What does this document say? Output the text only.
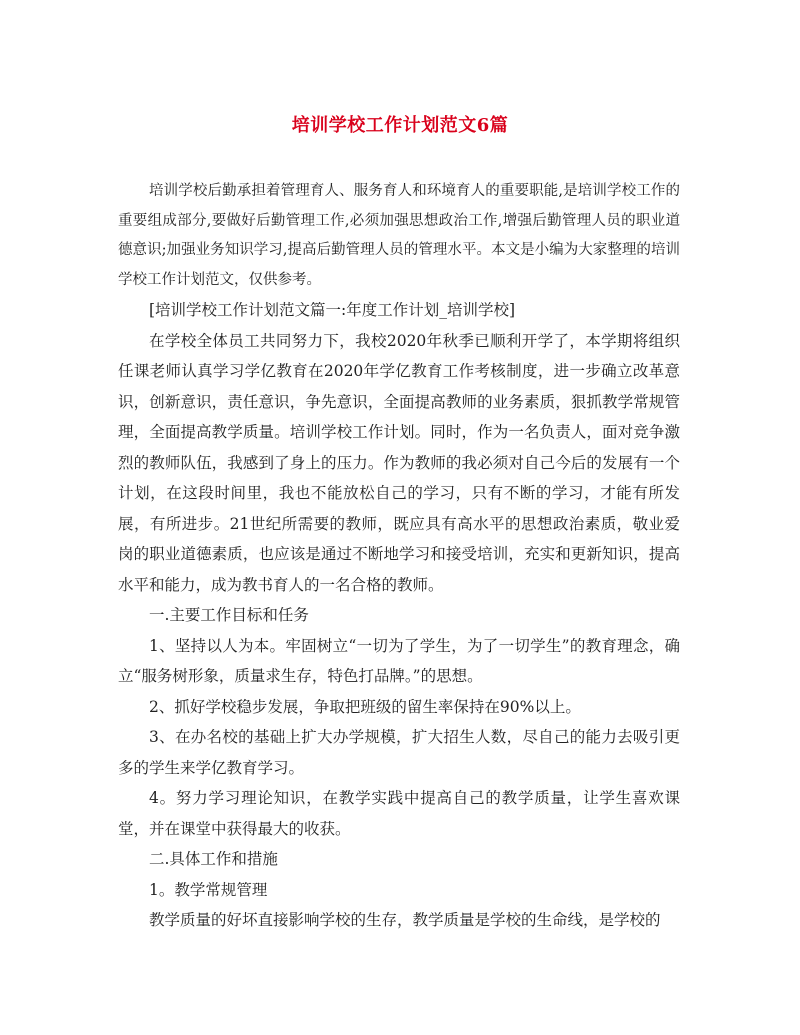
培训学校工作计划范文6篇

培训学校后勤承担着管理育人、服务育人和环境育人的重要职能,是培训学校工作的重要组成部分,要做好后勤管理工作,必须加强思想政治工作,增强后勤管理人员的职业道德意识;加强业务知识学习,提高后勤管理人员的管理水平。本文是小编为大家整理的培训学校工作计划范文，仅供参考。

[培训学校工作计划范文篇一:年度工作计划_培训学校]

在学校全体员工共同努力下，我校2020年秋季已顺利开学了，本学期将组织任课老师认真学习学亿教育在2020年学亿教育工作考核制度，进一步确立改革意识，创新意识，责任意识，争先意识，全面提高教师的业务素质，狠抓教学常规管理，全面提高教学质量。培训学校工作计划。同时，作为一名负责人，面对竞争激烈的教师队伍，我感到了身上的压力。作为教师的我必须对自己今后的发展有一个计划，在这段时间里，我也不能放松自己的学习，只有不断的学习，才能有所发展，有所进步。21世纪所需要的教师，既应具有高水平的思想政治素质，敬业爱岗的职业道德素质，也应该是通过不断地学习和接受培训，充实和更新知识，提高水平和能力，成为教书育人的一名合格的教师。

一.主要工作目标和任务

1、坚持以人为本。牢固树立“一切为了学生，为了一切学生”的教育理念，确立“服务树形象，质量求生存，特色打品牌。”的思想。

2、抓好学校稳步发展，争取把班级的留生率保持在90%以上。

3、在办名校的基础上扩大办学规模，扩大招生人数，尽自己的能力去吸引更多的学生来学亿教育学习。

4。努力学习理论知识，在教学实践中提高自己的教学质量，让学生喜欢课堂，并在课堂中获得最大的收获。

二.具体工作和措施

1。教学常规管理

教学质量的好坏直接影响学校的生存，教学质量是学校的生命线，是学校的
